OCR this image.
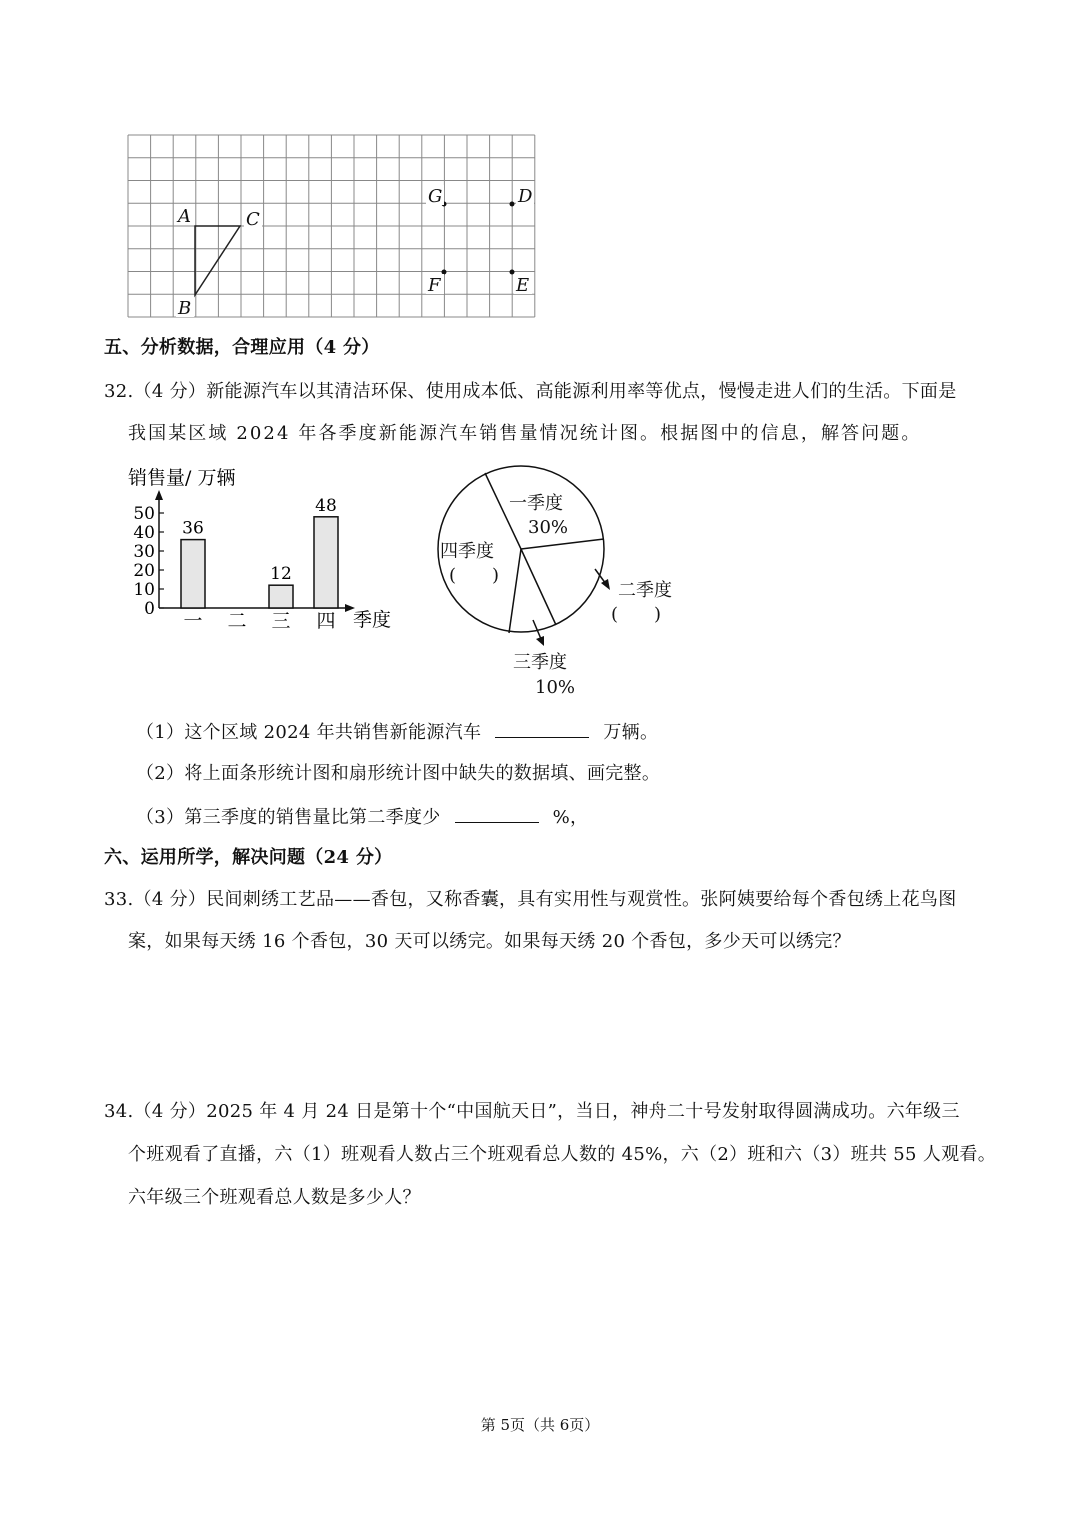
A	C
B
G	D
F	E
五、分析数据，合理应用（4 分）
32.（4 分）新能源汽车以其清洁环保、使用成本低、高能源利用率等优点，慢慢走进人们的生活。下面是
我国某区域 2024 年各季度新能源汽车销售量情况统计图。根据图中的信息，解答问题。
销售量/ 万辆
季度
0
10
20
30
40
50
36
一 二
12
三
48
四
一季度
30%
四季度
(　　)
二季度
(　　)
三季度
10%
（1）这个区域 2024 年共销售新能源汽车	万辆。
（2）将上面条形统计图和扇形统计图中缺失的数据填、画完整。
（3）第三季度的销售量比第二季度少	%，
六、运用所学，解决问题（24 分）
33.（4 分）民间刺绣工艺品——香包，又称香囊，具有实用性与观赏性。张阿姨要给每个香包绣上花鸟图
案，如果每天绣 16 个香包，30 天可以绣完。如果每天绣 20 个香包，多少天可以绣完？
34.（4 分）2025 年 4 月 24 日是第十个“中国航天日”，当日，神舟二十号发射取得圆满成功。六年级三
个班观看了直播，六（1）班观看人数占三个班观看总人数的 45%，六（2）班和六（3）班共 55 人观看。
六年级三个班观看总人数是多少人？
第 5页（共 6页）
